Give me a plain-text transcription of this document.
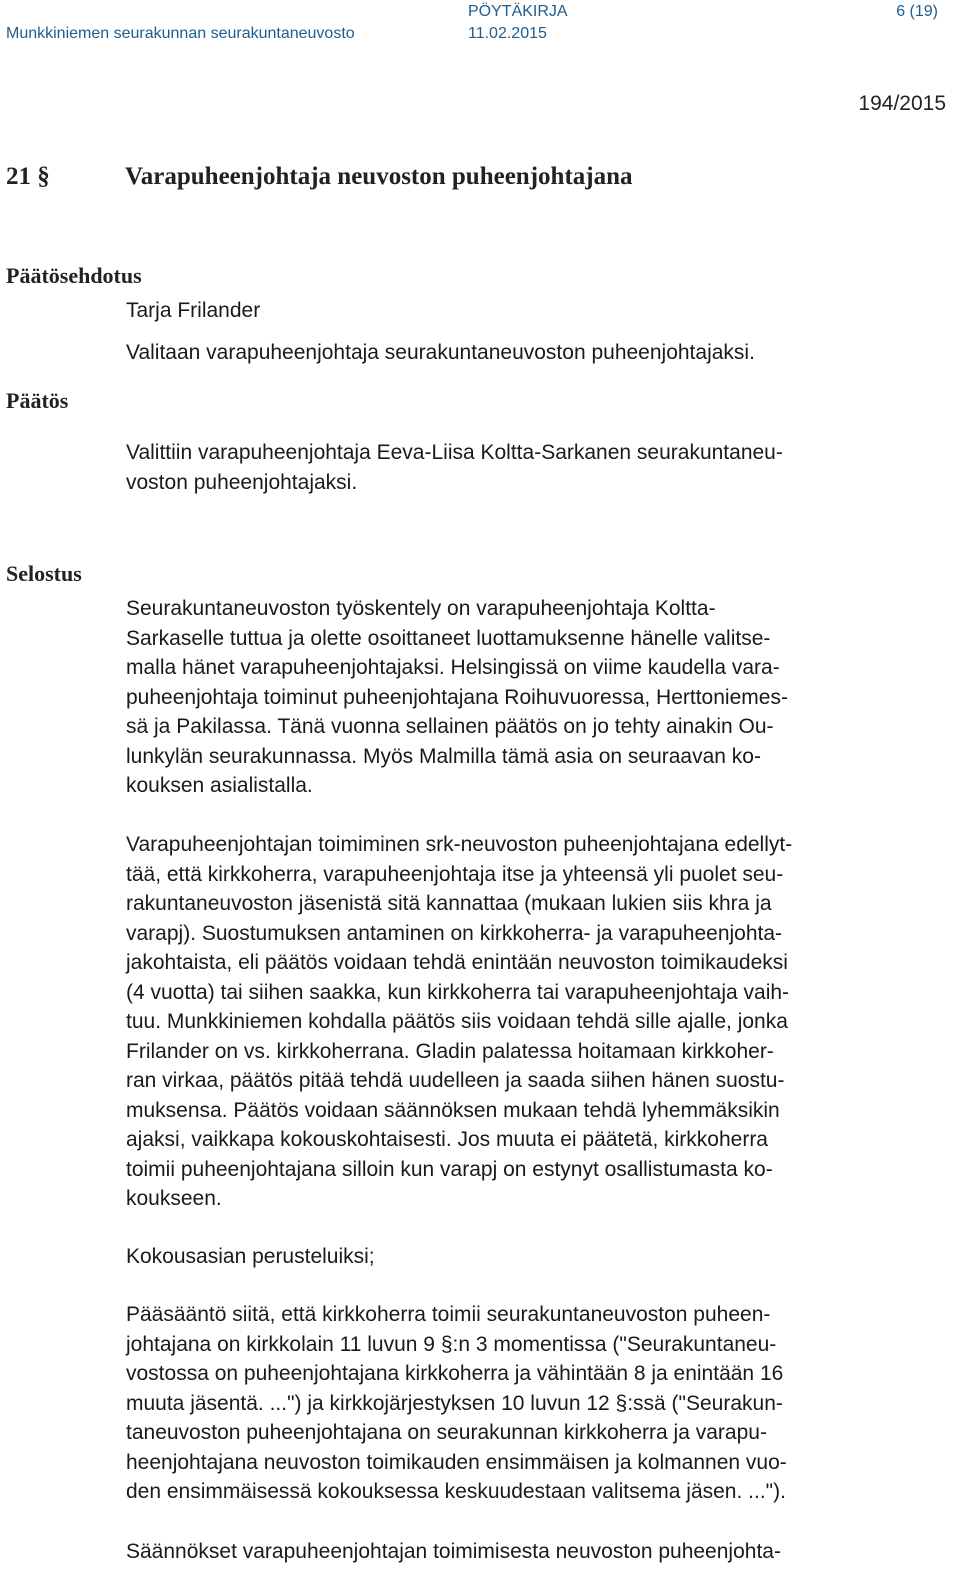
Munkkiniemen seurakunnan seurakuntaneuvosto
PÖYTÄKIRJA
11.02.2015
6 (19)
194/2015
21 §	Varapuheenjohtaja neuvoston puheenjohtajana
Päätösehdotus
Tarja Frilander
Valitaan varapuheenjohtaja seurakuntaneuvoston puheenjohtajaksi.
Päätös

Valittiin varapuheenjohtaja Eeva-Liisa Koltta-Sarkanen seurakuntaneu-

voston puheenjohtajaksi.

Selostus

Seurakuntaneuvoston työskentely on varapuheenjohtaja Koltta-

Sarkaselle tuttua ja olette osoittaneet luottamuksenne hänelle valitse-

malla hänet varapuheenjohtajaksi. Helsingissä on viime kaudella vara-

puheenjohtaja toiminut puheenjohtajana Roihuvuoressa, Herttoniemes-

sä ja Pakilassa. Tänä vuonna sellainen päätös on jo tehty ainakin Ou-

lunkylän seurakunnassa. Myös Malmilla tämä asia on seuraavan ko-

kouksen asialistalla.

Varapuheenjohtajan toimiminen srk-neuvoston puheenjohtajana edellyt-

tää, että kirkkoherra, varapuheenjohtaja itse ja yhteensä yli puolet seu-

rakuntaneuvoston jäsenistä sitä kannattaa (mukaan lukien siis khra ja

varapj). Suostumuksen antaminen on kirkkoherra- ja varapuheenjohta-

jakohtaista, eli päätös voidaan tehdä enintään neuvoston toimikaudeksi

(4 vuotta) tai siihen saakka, kun kirkkoherra tai varapuheenjohtaja vaih-

tuu. Munkkiniemen kohdalla päätös siis voidaan tehdä sille ajalle, jonka

Frilander on vs. kirkkoherrana. Gladin palatessa hoitamaan kirkkoher-

ran virkaa, päätös pitää tehdä uudelleen ja saada siihen hänen suostu-

muksensa. Päätös voidaan säännöksen mukaan tehdä lyhemmäksikin

ajaksi, vaikkapa kokouskohtaisesti. Jos muuta ei päätetä, kirkkoherra

toimii puheenjohtajana silloin kun varapj on estynyt osallistumasta ko-

koukseen.

Kokousasian perusteluiksi;

Pääsääntö siitä, että kirkkoherra toimii seurakuntaneuvoston puheen-

johtajana on kirkkolain 11 luvun 9 §:n 3 momentissa ("Seurakuntaneu-

vostossa on puheenjohtajana kirkkoherra ja vähintään 8 ja enintään 16

muuta jäsentä. ...") ja kirkkojärjestyksen 10 luvun 12 §:ssä ("Seurakun-

taneuvoston puheenjohtajana on seurakunnan kirkkoherra ja varapu-

heenjohtajana neuvoston toimikauden ensimmäisen ja kolmannen vuo-

den ensimmäisessä kokouksessa keskuudestaan valitsema jäsen. ...").

Säännökset varapuheenjohtajan toimimisesta neuvoston puheenjohta-
